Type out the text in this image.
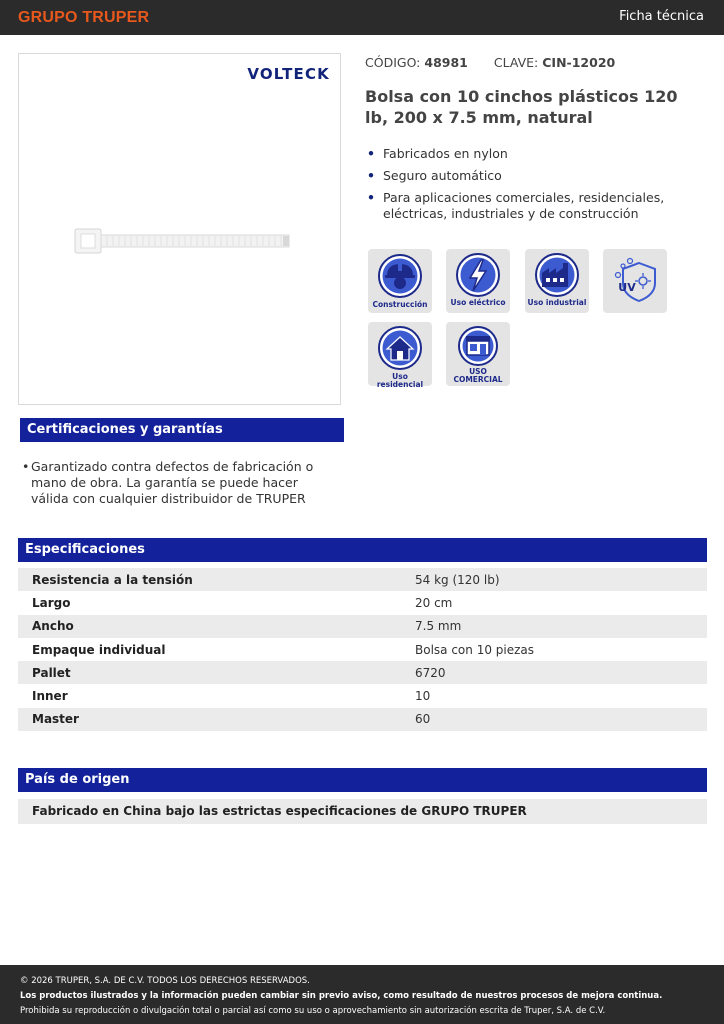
GRUPO TRUPER	Ficha técnica
VOLTECK
CÓDIGO: 48981 CLAVE: CIN-12020
Bolsa con 10 cinchos plásticos 120 lb, 200 x 7.5 mm, natural
• Fabricados en nylon
• Seguro automático
• Para aplicaciones comerciales, residenciales, eléctricas, industriales y de construcción
Construcción	Uso eléctrico	Uso industrial
UV
Uso residencial
USO COMERCIAL
Certificaciones y garantías
• Garantizado contra defectos de fabricación o mano de obra. La garantía se puede hacer válida con cualquier distribuidor de TRUPER
Especificaciones
Resistencia a la tensión	54 kg (120 lb)
Largo	20 cm
Ancho	7.5 mm
Empaque individual	Bolsa con 10 piezas
Pallet	6720
Inner	10
Master	60
País de origen
Fabricado en China bajo las estrictas especificaciones de GRUPO TRUPER
© 2026 TRUPER, S.A. DE C.V. TODOS LOS DERECHOS RESERVADOS.
Los productos ilustrados y la información pueden cambiar sin previo aviso, como resultado de nuestros procesos de mejora continua.
Prohibida su reproducción o divulgación total o parcial así como su uso o aprovechamiento sin autorización escrita de Truper, S.A. de C.V.
